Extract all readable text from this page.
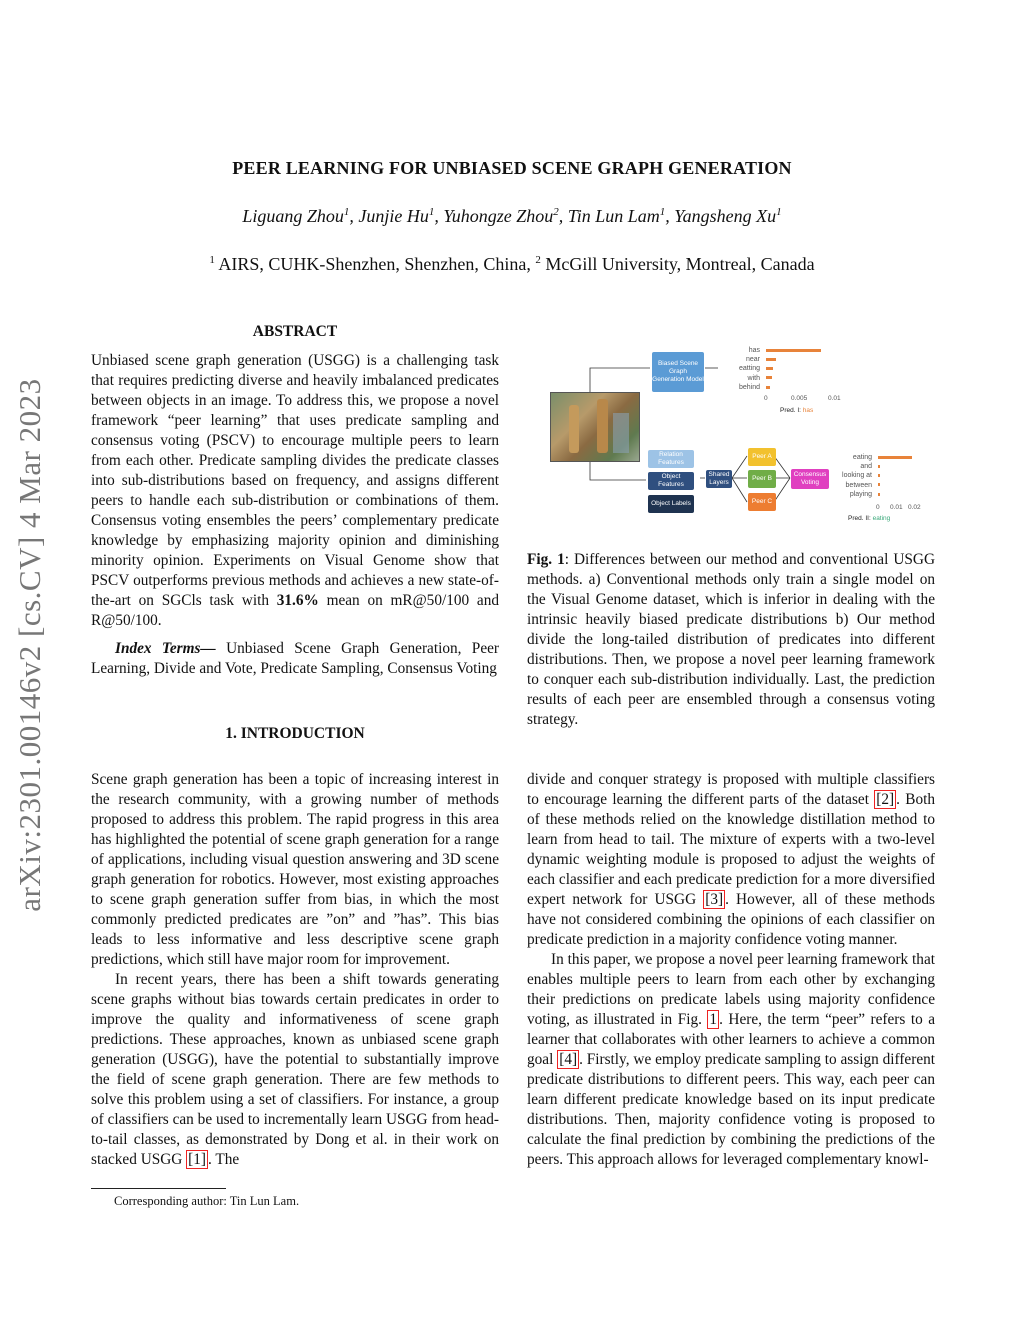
arXiv:2301.00146v2 [cs.CV] 4 Mar 2023
PEER LEARNING FOR UNBIASED SCENE GRAPH GENERATION
Liguang Zhou$^1$, Junjie Hu$^1$, Yuhongze Zhou$^2$, Tin Lun Lam$^1$, Yangsheng Xu$^1$
$^1$ AIRS, CUHK-Shenzhen, Shenzhen, China, $^2$ McGill University, Montreal, Canada
ABSTRACT

Unbiased scene graph generation (USGG) is a challenging task that requires predicting diverse and heavily imbalanced predicates between objects in an image. To address this, we propose a novel framework “peer learning” that uses predicate sampling and consensus voting (PSCV) to encourage multiple peers to learn from each other. Predicate sampling divides the predicate classes into sub-distributions based on frequency, and assigns different peers to handle each sub-distribution or combinations of them. Consensus voting ensembles the peers’ complementary predicate knowledge by emphasizing majority opinion and diminishing minority opinion. Experiments on Visual Genome show that PSCV outperforms previous methods and achieves a new state-of-the-art on SGCls task with 31.6% mean on mR@50/100 and R@50/100.

Index Terms— Unbiased Scene Graph Generation, Peer Learning, Divide and Vote, Predicate Sampling, Consensus Voting

1. INTRODUCTION

Scene graph generation has been a topic of increasing interest in the research community, with a growing number of methods proposed to address this problem. The rapid progress in this area has highlighted the potential of scene graph generation for a range of applications, including visual question answering and 3D scene graph generation for robotics. However, most existing approaches to scene graph generation suffer from bias, in which the most commonly predicted predicates are ”on” and ”has”. This bias leads to less informative and less descriptive scene graph predictions, which still have major room for improvement.

In recent years, there has been a shift towards generating scene graphs without bias towards certain predicates in order to improve the quality and informativeness of scene graph predictions. These approaches, known as unbiased scene graph generation (USGG), have the potential to substantially improve the field of scene graph generation. There are few methods to solve this problem using a set of classifiers. For instance, a group of classifiers can be used to incrementally learn USGG from head-to-tail classes, as demonstrated by Dong et al. in their work on stacked USGG [1] . The

Corresponding author: Tin Lun Lam.
Biased Scene Graph Generation Model
has
near
eatting
with
behind
0	0.005	0.01
Pred. I: has
Relation Features
Object Features
Object Labels
Shared Layers
Peer A
Peer B
Peer C
Consensus Voting
eating
and
looking at
between
playing
0 0.01 0.02
Pred. II: eating

Fig. 1: Differences between our method and conventional USGG methods. a) Conventional methods only train a single model on the Visual Genome dataset, which is inferior in dealing with the intrinsic heavily biased predicate distributions b) Our method divide the long-tailed distribution of predicates into different distributions. Then, we propose a novel peer learning framework to conquer each sub-distribution individually. Last, the prediction results of each peer are ensembled through a consensus voting strategy.

divide and conquer strategy is proposed with multiple classifiers to encourage learning the different parts of the dataset [2] . Both of these methods relied on the knowledge distillation method to learn from head to tail. The mixture of experts with a two-level dynamic weighting module is proposed to adjust the weights of each classifier and each predicate prediction for a more diversified expert network for USGG [3] . However, all of these methods have not considered combining the opinions of each classifier on predicate prediction in a majority confidence voting manner.

In this paper, we propose a novel peer learning framework that enables multiple peers to learn from each other by exchanging their predictions on predicate labels using majority confidence voting, as illustrated in Fig. 1 . Here, the term “peer” refers to a learner that collaborates with other learners to achieve a common goal [4] . Firstly, we employ predicate sampling to assign different predicate distributions to different peers. This way, each peer can learn different predicate knowledge based on its input predicate distributions. Then, majority confidence voting is proposed to calculate the final prediction by combining the predictions of the peers. This approach allows for leveraged complementary knowl-
